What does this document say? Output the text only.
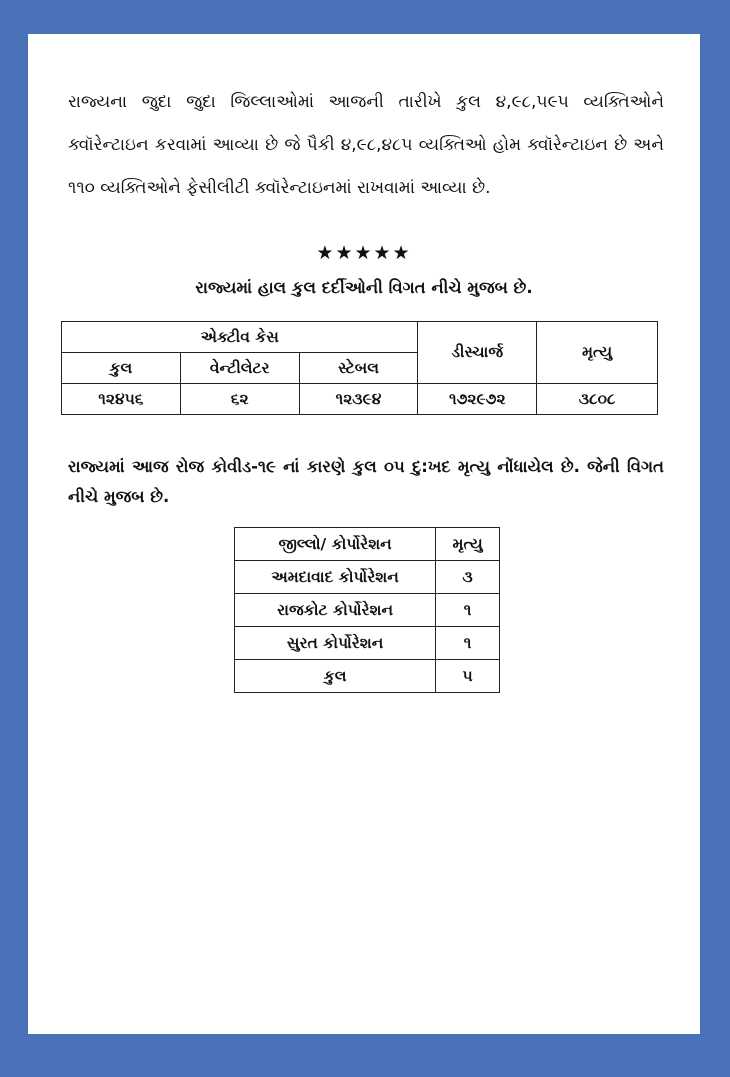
રાજ્યના જુદા જુદા જિલ્લાઓમાં આજની તારીખે કુલ ૪,૯૮,૫૯૫ વ્યક્તિઓને ક્વૉરેન્ટાઇન કરવામાં આવ્યા છે જે પૈકી ૪,૯૮,૪૮૫ વ્યક્તિઓ હોમ ક્વૉરેન્ટાઇન છે અને ૧૧૦ વ્યક્તિઓને ફેસીલીટી ક્વૉરેન્ટાઇનમાં રાખવામાં આવ્યા છે.

★★★★★
રાજ્યમાં હાલ કુલ દર્દીઓની વિગત નીચે મુજબ છે.
એક્ટીવ કેસ			ડીસ્ચાર્જ	મૃત્યુ
કુલ	વેન્ટીલેટર	સ્ટેબલ		
૧૨૪૫૬	૬૨	૧૨૩૯૪	૧૭૨૯૭૨	૩૮૦૮

રાજ્યમાં આજ રોજ કોવીડ-૧૯ નાં કારણે કુલ ૦૫ દુ:ખદ મૃત્યુ નોંધાયેલ છે. જેની વિગત નીચે મુજબ છે.

જીલ્લો/ કોર્પોરેશન	મૃત્યુ
અમદાવાદ કોર્પોરેશન	૩
રાજકોટ કોર્પોરેશન	૧
સુરત કોર્પોરેશન	૧
કુલ	૫
